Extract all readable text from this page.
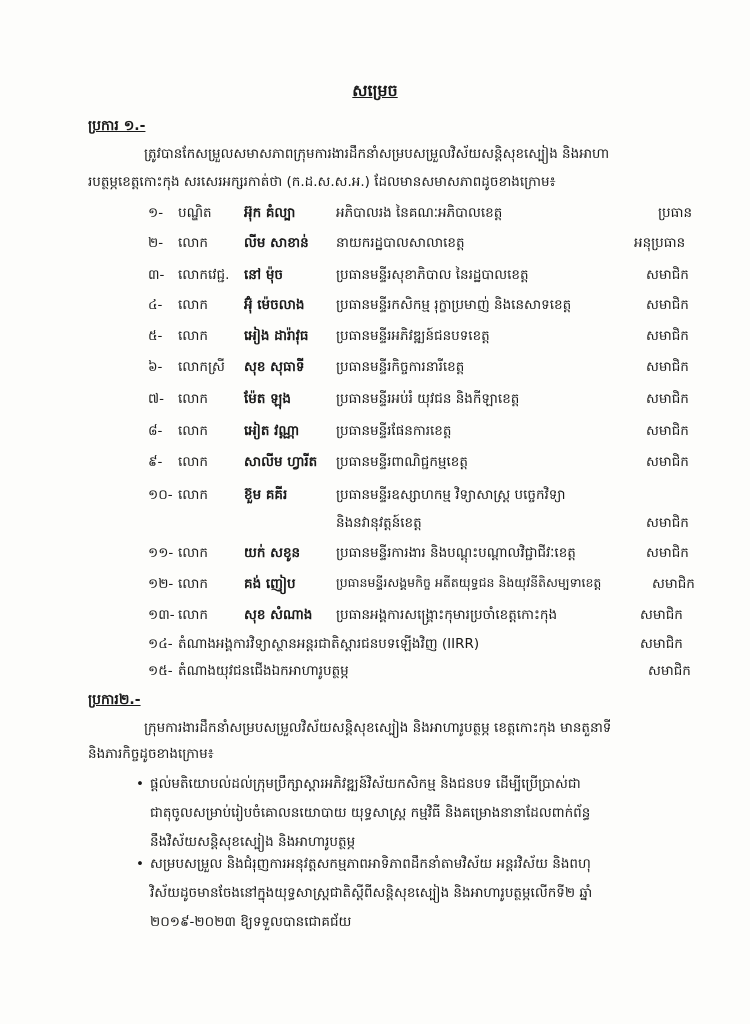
សម្រេច
ប្រការ ១.-
ត្រូវបានកែសម្រួលសមាសភាពក្រុមការងារដឹកនាំសម្របសម្រួលវិស័យសន្តិសុខស្បៀង និងអាហា
របត្ថម្ភខេត្តកោះកុង សរសេរអក្សរកាត់ថា (ក.ដ.ស.ស.អ.) ដែលមានសមាសភាពដូចខាងក្រោម៖
១- បណ្ឌិត អ៊ុក គំល្បា	អភិបាលរង នៃគណៈអភិបាលខេត្ត	ប្រធាន
២- លោក	លីម សាខាន់ នាយករដ្ឋបាលសាលាខេត្ត	អនុប្រធាន
៣- លោកវេជ្ជ. នៅ ម៉ុច	ប្រធានមន្ទីរសុខាភិបាល នៃរដ្ឋបាលខេត្ត	សមាជិក
៤- លោក	អ៊ុំ ម៉េចលាង ប្រធានមន្ទីរកសិកម្ម រុក្ខាប្រមាញ់ និងនេសាទខេត្ត	សមាជិក
៥- លោក	អៀង ដារ៉ាវុធ ប្រធានមន្ទីរអភិវឌ្ឍន៍ជនបទខេត្ត	សមាជិក
៦- លោកស្រី សុខ សុធាទី ប្រធានមន្ទីរកិច្ចការនារីខេត្ត	សមាជិក
៧- លោក	ម៉ែត ឡុង	ប្រធានមន្ទីរអប់រំ យុវជន និងកីឡាខេត្ត	សមាជិក
៨- លោក	អៀត វណ្ណា	ប្រធានមន្ទីរផែនការខេត្ត	សមាជិក
៩- លោក	សាលីម ហ្វារីត ប្រធានមន្ទីរពាណិជ្ជកម្មខេត្ត	សមាជិក
១០- លោក	ខ៊ួម គគីរ	ប្រធានមន្ទីរឧស្សាហកម្ម វិទ្យាសាស្ត្រ បច្ចេកវិទ្យា
និងនវានុវត្តន៍ខេត្ត	សមាជិក
១១- លោក	យក់ សខូន	ប្រធានមន្ទីរការងារ និងបណ្តុះបណ្តាលវិជ្ជាជីវៈខេត្ត	សមាជិក
១២- លោក	គង់ ញៀប	ប្រធានមន្ទីរសង្គមកិច្ច អតីតយុទ្ធជន និងយុវនីតិសម្បទាខេត្ត	សមាជិក
១៣- លោក	សុខ សំណាង ប្រធានអង្គការសង្គ្រោះកុមារប្រចាំខេត្តកោះកុង	សមាជិក
១៤- តំណាងអង្គការវិទ្យាស្ថានអន្តរជាតិស្តារជនបទឡើងវិញ (IIRR)	សមាជិក
១៥- តំណាងយុវជនជើងឯកអាហារូបត្ថម្ភ	សមាជិក
ប្រការ២.-
ក្រុមការងារដឹកនាំសម្របសម្រួលវិស័យសន្តិសុខស្បៀង និងអាហារូបត្ថម្ភ ខេត្តកោះកុង មានតួនាទី
និងភារកិច្ចដូចខាងក្រោម៖
• ផ្តល់មតិយោបល់ដល់ក្រុមប្រឹក្សាស្តារអភិវឌ្ឍន៍វិស័យកសិកម្ម និងជនបទ ដើម្បីប្រើប្រាស់ជា
ជាតុចូលសម្រាប់រៀបចំគោលនយោបាយ យុទ្ធសាស្ត្រ កម្មវិធី និងគម្រោងនានាដែលពាក់ព័ន្ធ
នឹងវិស័យសន្តិសុខស្បៀង និងអាហារូបត្ថម្ភ
• សម្របសម្រួល និងជំរុញការអនុវត្តសកម្មភាពអាទិភាពដឹកនាំតាមវិស័យ អន្តរវិស័យ និងពហុ
វិស័យដូចមានចែងនៅក្នុងយុទ្ធសាស្ត្រជាតិស្តីពីសន្តិសុខស្បៀង និងអាហារូបត្ថម្ភលើកទី២ ឆ្នាំ
២០១៩-២០២៣ ឱ្យទទួលបានជោគជ័យ
